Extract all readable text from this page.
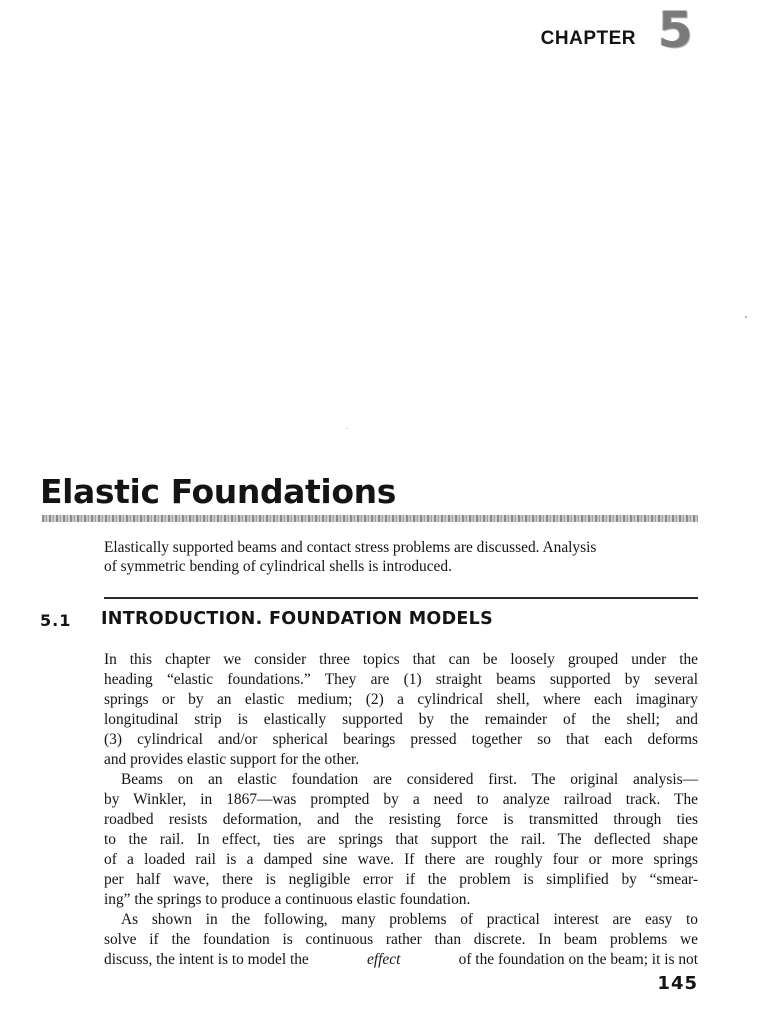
CHAPTER 5
Elastic Foundations

Elastically supported beams and contact stress problems are discussed. Analysis

of symmetric bending of cylindrical shells is introduced.

5.1 INTRODUCTION. FOUNDATION MODELS
In this chapter we consider three topics that can be loosely grouped under the
heading “elastic foundations.” They are (1) straight beams supported by several
springs or by an elastic medium; (2) a cylindrical shell, where each imaginary
longitudinal strip is elastically supported by the remainder of the shell; and
(3) cylindrical and/or spherical bearings pressed together so that each deforms
and provides elastic support for the other.
Beams on an elastic foundation are considered first. The original analysis—
by Winkler, in 1867—was prompted by a need to analyze railroad track. The
roadbed resists deformation, and the resisting force is transmitted through ties
to the rail. In effect, ties are springs that support the rail. The deflected shape
of a loaded rail is a damped sine wave. If there are roughly four or more springs
per half wave, there is negligible error if the problem is simplified by “smear-
ing” the springs to produce a continuous elastic foundation.
As shown in the following, many problems of practical interest are easy to
solve if the foundation is continuous rather than discrete. In beam problems we
discuss, the intent is to model the	effect	of the foundation on the beam; it is not
145
